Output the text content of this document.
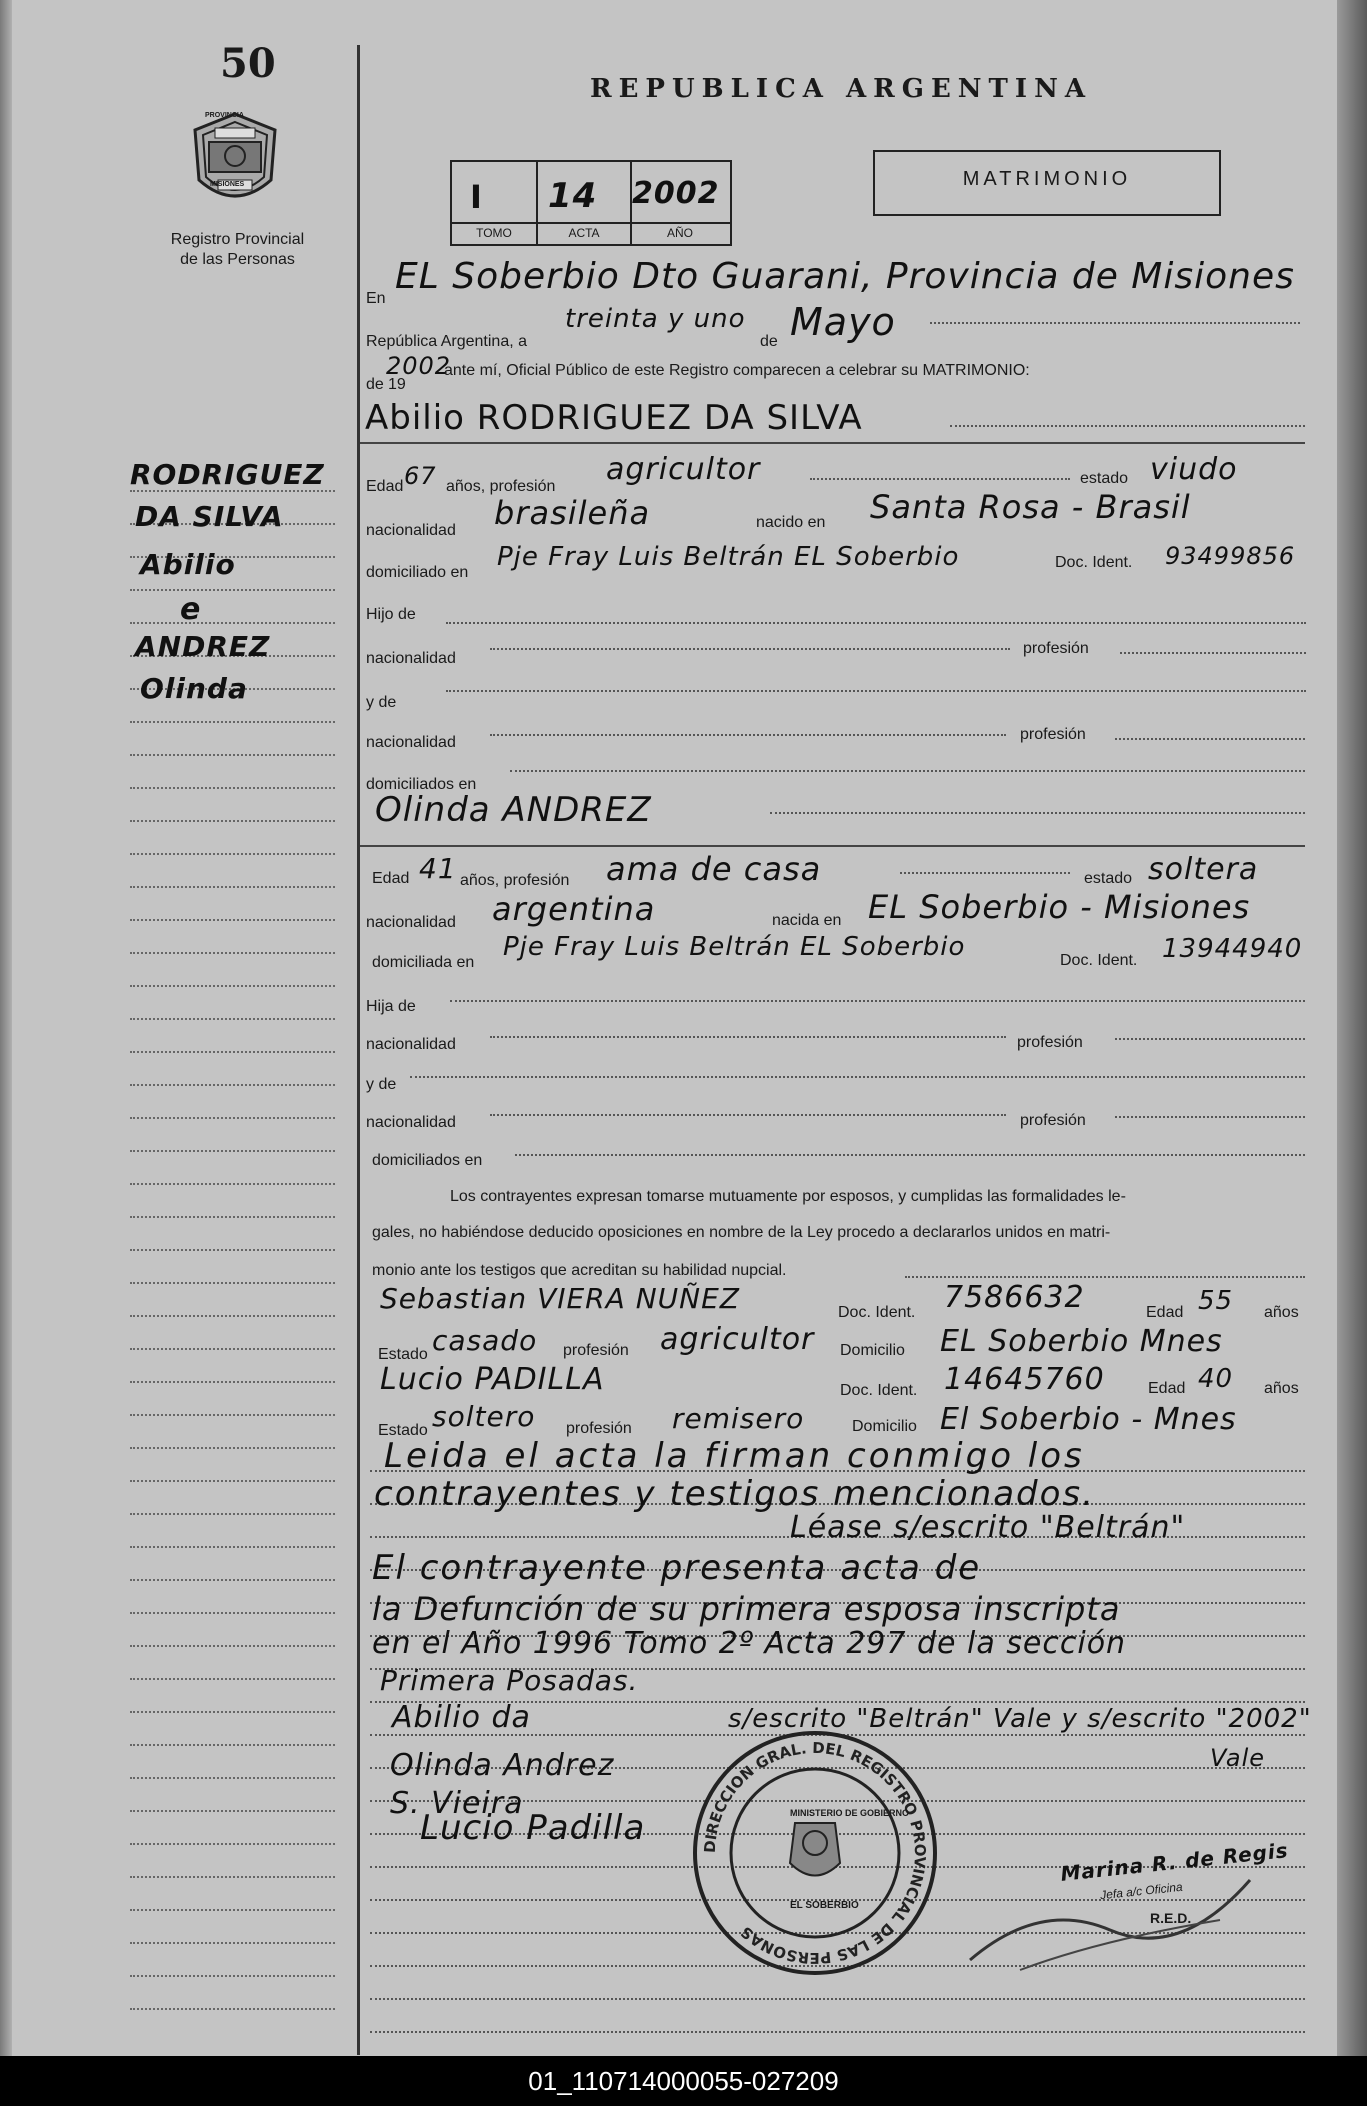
50
PROVINCIA
MISIONES
Registro Provincial
de las Personas
RODRIGUEZ
DA SILVA
Abilio
e
ANDREZ
Olinda
REPUBLICA ARGENTINA
MATRIMONIO
I 14 2002
TOMO	ACTA	AÑO
En
EL Soberbio Dto Guarani, Provincia de Misiones
República Argentina, a
treinta y uno
de Mayo
de 19
2002
ante mí, Oficial Público de este Registro comparecen a celebrar su MATRIMONIO:
Abilio RODRIGUEZ DA SILVA
Edad 67 años, profesión agricultor	estado viudo
nacionalidad brasileña	nacido en Santa Rosa - Brasil
domiciliado en
Pje Fray Luis Beltrán EL Soberbio	Doc. Ident. 93499856
Hijo de
nacionalidad
profesión
y de
nacionalidad	profesión
domiciliados en
Olinda ANDREZ
Edad 41 años, profesión ama de casa	estado soltera
nacionalidad argentina	nacida en EL Soberbio - Misiones
domiciliada en
Pje Fray Luis Beltrán EL Soberbio	Doc. Ident. 13944940
Hija de
nacionalidad	profesión
y de
nacionalidad	profesión
domiciliados en
Los contrayentes expresan tomarse mutuamente por esposos, y cumplidas las formalidades le-
gales, no habiéndose deducido oposiciones en nombre de la Ley procedo a declararlos unidos en matri-
monio ante los testigos que acreditan su habilidad nupcial.
Sebastian VIERA NUÑEZ	Doc. Ident. 7586632	Edad 55 años
Estado casado profesión agricultor Domicilio EL Soberbio Mnes
Lucio PADILLA	Doc. Ident. 14645760	Edad 40 años
Estado soltero profesión remisero	Domicilio El Soberbio - Mnes
Leida el acta la firman conmigo los
contrayentes y testigos mencionados.
Léase s/escrito "Beltrán"
El contrayente presenta acta de
la Defunción de su primera esposa inscripta
en el Año 1996 Tomo 2º Acta 297 de la sección
Primera Posadas.
Abilio da
Olinda Andrez
S. Vieira
Lucio Padilla
s/escrito "Beltrán" Vale y s/escrito "2002"
Vale
DIRECCION GRAL. DEL REGISTRO PROVINCIAL DE LAS PERSONAS
MINISTERIO DE GOBIERNO
EL SOBERBIO
Marina R. de Regis
Jefa a/c Oficina
R.E.D.
01_110714000055-027209
